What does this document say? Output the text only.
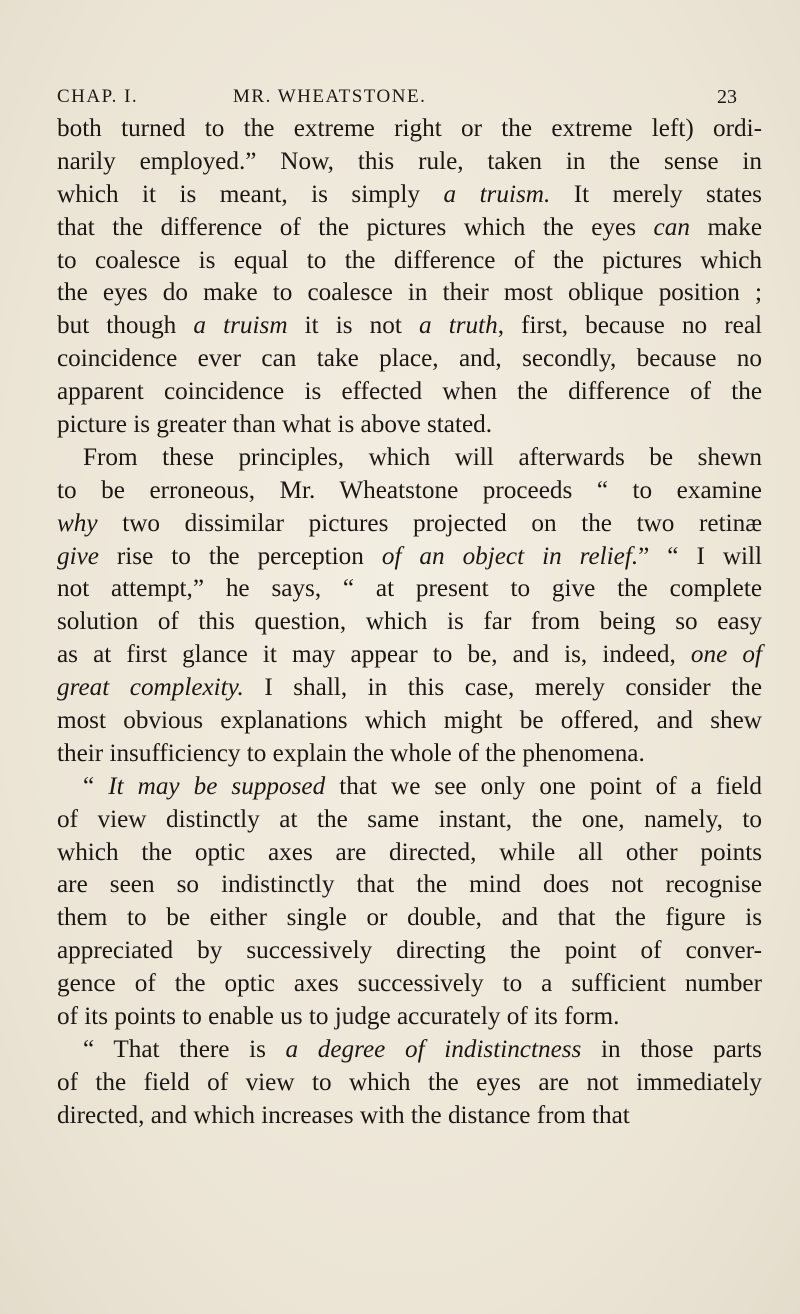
CHAP. I.	MR. WHEATSTONE.	23
both turned to the extreme right or the extreme left) ordi-
narily employed.” Now, this rule, taken in the sense in
which it is meant, is simply a truism. It merely states
that the difference of the pictures which the eyes can make
to coalesce is equal to the difference of the pictures which
the eyes do make to coalesce in their most oblique position ;
but though a truism it is not a truth, first, because no real
coincidence ever can take place, and, secondly, because no
apparent coincidence is effected when the difference of the
picture is greater than what is above stated.
From these principles, which will afterwards be shewn
to be erroneous, Mr. Wheatstone proceeds “ to examine
why two dissimilar pictures projected on the two retinæ
give rise to the perception of an object in relief.” “ I will
not attempt,” he says, “ at present to give the complete
solution of this question, which is far from being so easy
as at first glance it may appear to be, and is, indeed, one of
great complexity. I shall, in this case, merely consider the
most obvious explanations which might be offered, and shew
their insufficiency to explain the whole of the phenomena.
“ It may be supposed that we see only one point of a field
of view distinctly at the same instant, the one, namely, to
which the optic axes are directed, while all other points
are seen so indistinctly that the mind does not recognise
them to be either single or double, and that the figure is
appreciated by successively directing the point of conver-
gence of the optic axes successively to a sufficient number
of its points to enable us to judge accurately of its form.
“ That there is a degree of indistinctness in those parts
of the field of view to which the eyes are not immediately
directed, and which increases with the distance from that
